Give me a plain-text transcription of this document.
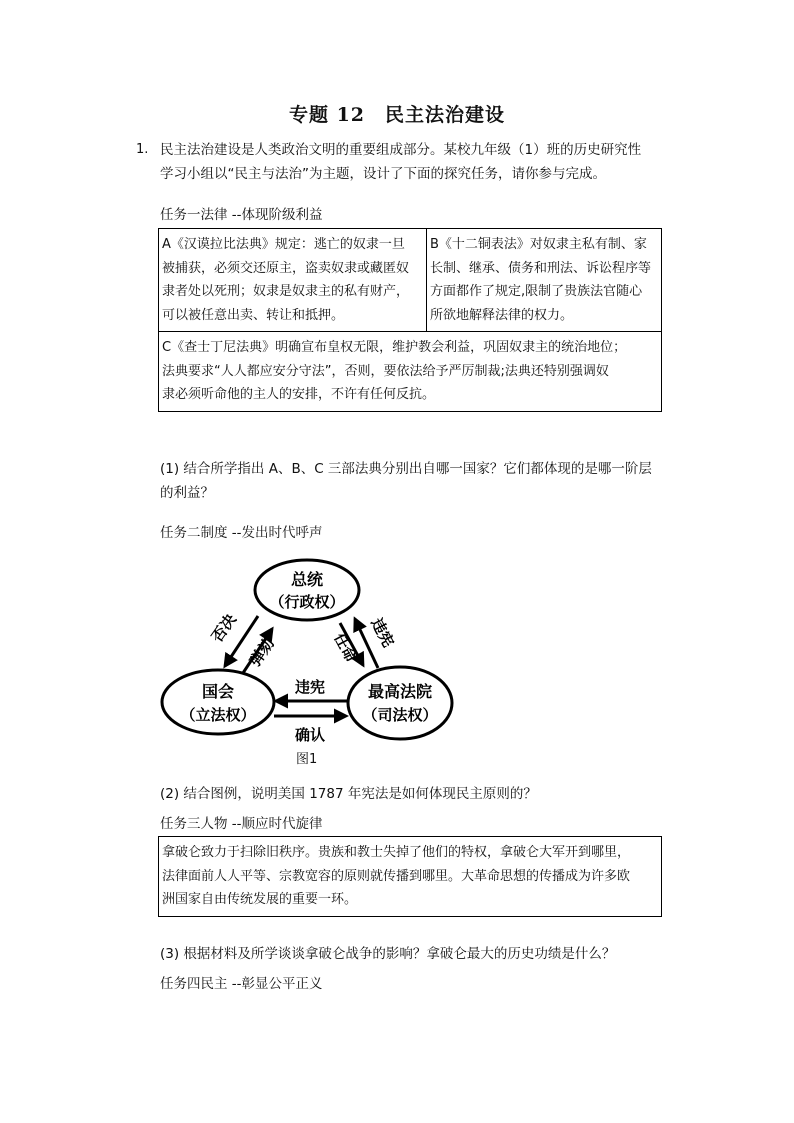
专题 12　民主法治建设
1. 民主法治建设是人类政治文明的重要组成部分。某校九年级（1）班的历史研究性
学习小组以“民主与法治”为主题，设计了下面的探究任务，请你参与完成。
任务一法律 --体现阶级利益
A《汉谟拉比法典》规定：逃亡的奴隶一旦
被捕获，必须交还原主，盗卖奴隶或藏匿奴
隶者处以死刑；奴隶是奴隶主的私有财产，
可以被任意出卖、转让和抵押。

B《十二铜表法》对奴隶主私有制、家
长制、继承、债务和刑法、诉讼程序等
方面都作了规定,限制了贵族法官随心
所欲地解释法律的权力。

C《查士丁尼法典》明确宣布皇权无限，维护教会利益，巩固奴隶主的统治地位；
法典要求“人人都应安分守法”，否则，要依法给予严厉制裁;法典还特别强调奴
隶必须听命他的主人的安排，不许有任何反抗。
(1) 结合所学指出 A、B、C 三部法典分别出自哪一国家？它们都体现的是哪一阶层
的利益？
任务二制度 --发出时代呼声
总统
（行政权）
国会
（立法权）
最高法院
（司法权）
否决
弹劾	任命 违宪
违宪
确认
图1
(2) 结合图例，说明美国 1787 年宪法是如何体现民主原则的？
任务三人物 --顺应时代旋律
拿破仑致力于扫除旧秩序。贵族和教士失掉了他们的特权，拿破仑大军开到哪里，
法律面前人人平等、宗教宽容的原则就传播到哪里。大革命思想的传播成为许多欧
洲国家自由传统发展的重要一环。
(3) 根据材料及所学谈谈拿破仑战争的影响？拿破仑最大的历史功绩是什么？
任务四民主 --彰显公平正义
